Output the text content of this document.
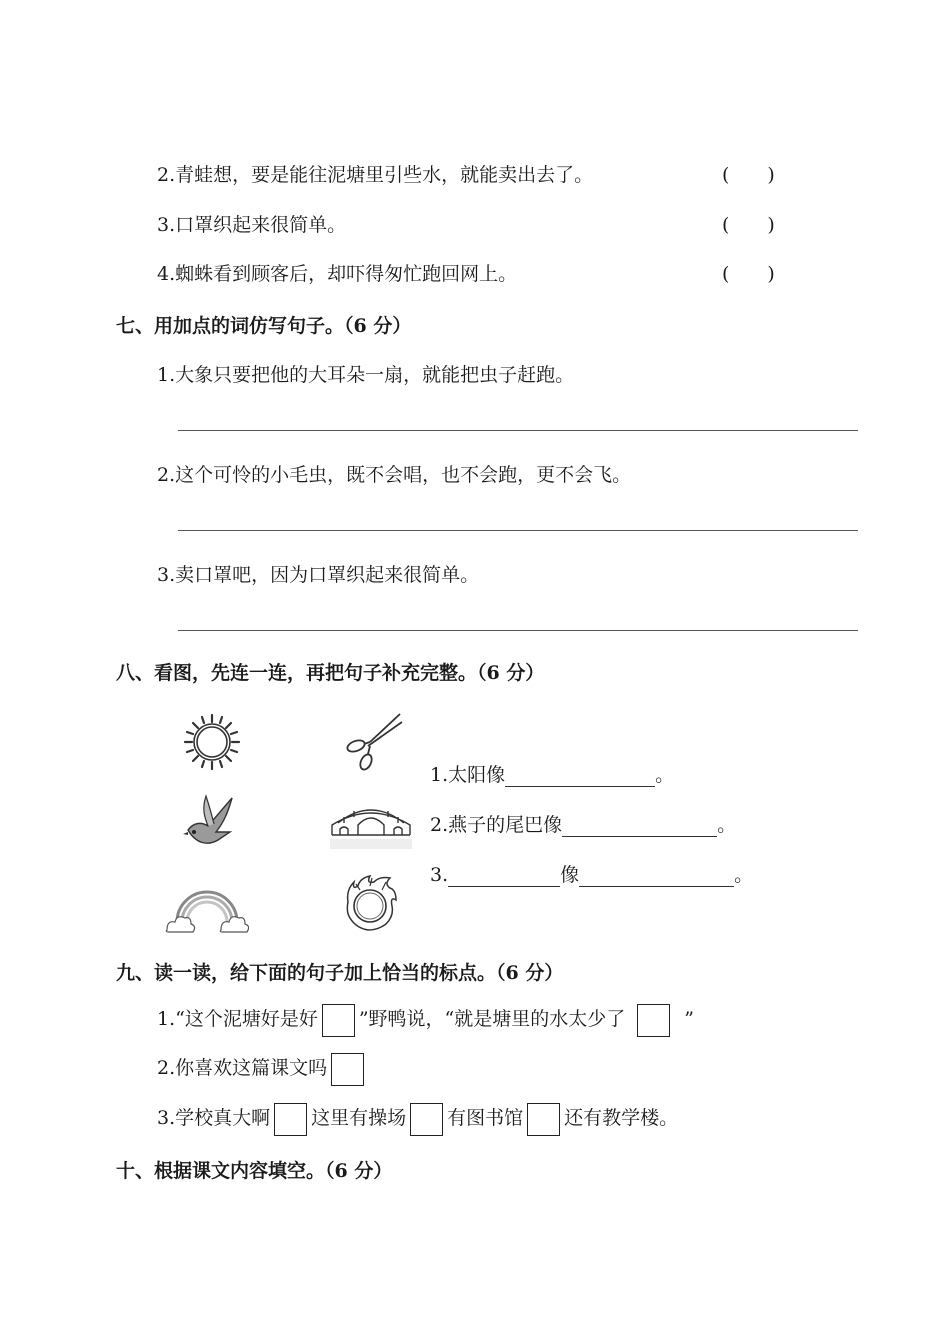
2.青蛙想，要是能往泥塘里引些水，就能卖出去了。	(　　)
3.口罩织起来很简单。	(　　)
4.蜘蛛看到顾客后，却吓得匆忙跑回网上。	(　　)
七、用加点的词仿写句子。（6 分）
1.大象只要把他的大耳朵一扇，就能把虫子赶跑。
2.这个可怜的小毛虫，既不会唱，也不会跑，更不会飞。
3.卖口罩吧，因为口罩织起来很简单。
八、看图，先连一连，再把句子补充完整。（6 分）
1.太阳像	。
2.燕子的尾巴像	。
3.	像	。
九、读一读，给下面的句子加上恰当的标点。（6 分）
1.“这个泥塘好是好 ”野鸭说，“就是塘里的水太少了	”
2.你喜欢这篇课文吗
3.学校真大啊 这里有操场 有图书馆 还有教学楼。
十、根据课文内容填空。（6 分）
